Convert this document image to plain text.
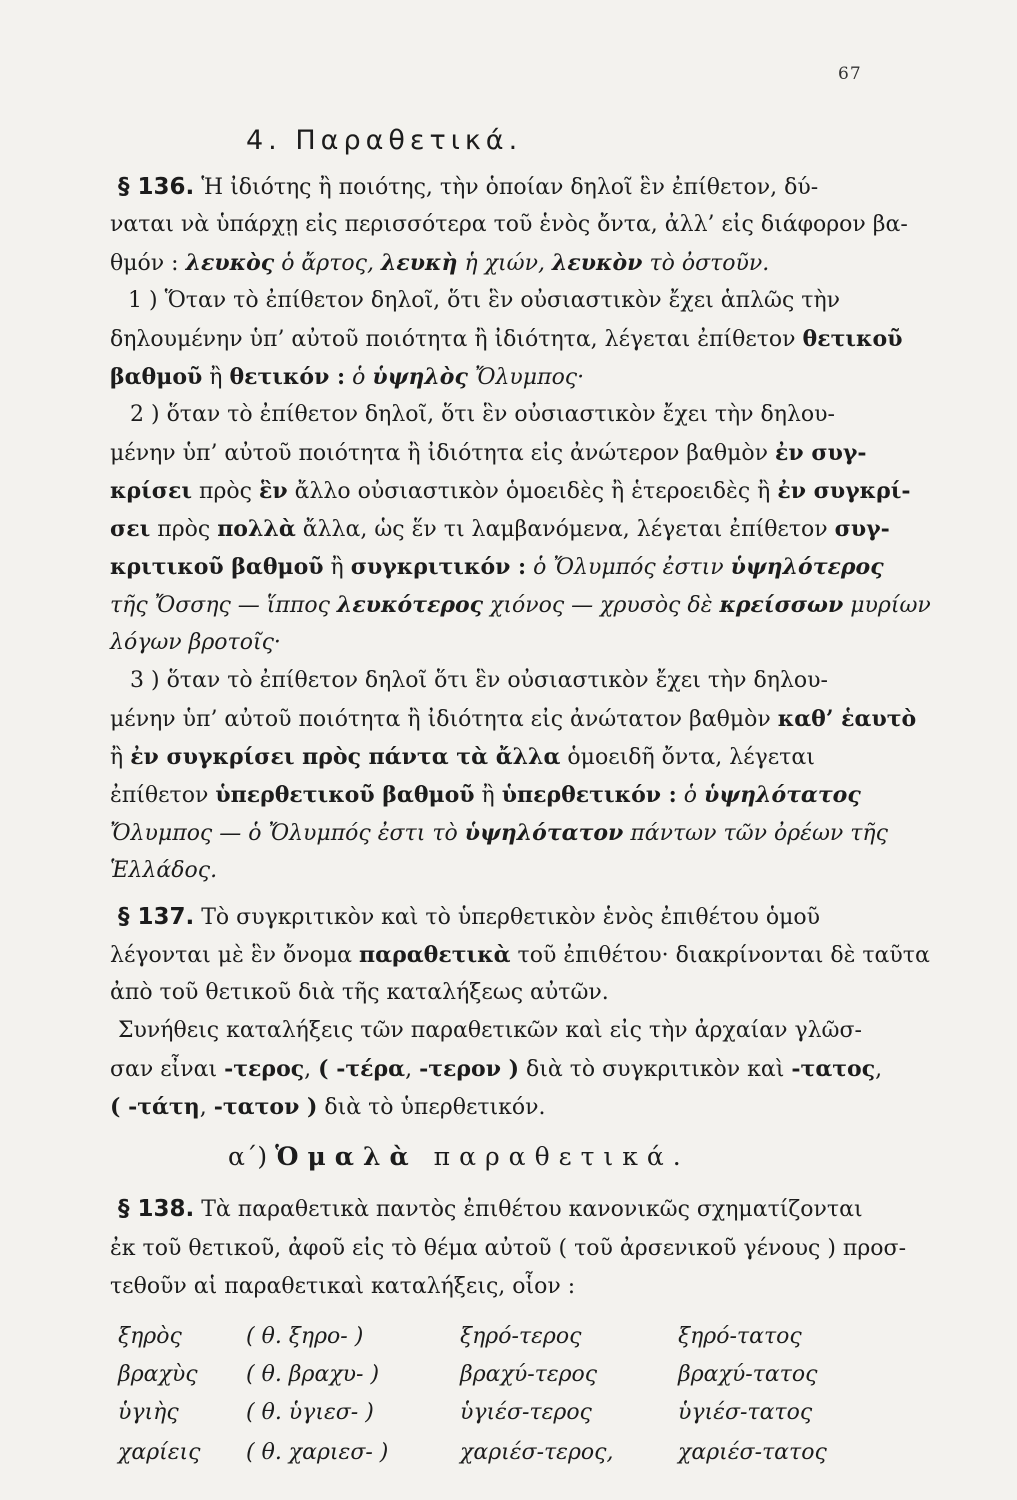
67
4. Παραθετικά.
§ 136. Ἡ ἰδιότης ἢ ποιότης, τὴν ὁποίαν δηλοῖ ἓν ἐπίθετον, δύ-
ναται νὰ ὑπάρχῃ εἰς περισσότερα τοῦ ἑνὸς ὄντα, ἀλλ’ εἰς διάφορον βα-
θμόν : λευκὸς ὁ ἄρτος, λευκὴ ἡ χιών, λευκὸν τὸ ὀστοῦν.
1 ) Ὅταν τὸ ἐπίθετον δηλοῖ, ὅτι ἓν οὐσιαστικὸν ἔχει ἁπλῶς τὴν
δηλουμένην ὑπ’ αὐτοῦ ποιότητα ἢ ἰδιότητα, λέγεται ἐπίθετον θετικοῦ
βαθμοῦ ἢ θετικόν : ὁ ὑψηλὸς Ὄλυμπος·
2 ) ὅταν τὸ ἐπίθετον δηλοῖ, ὅτι ἓν οὐσιαστικὸν ἔχει τὴν δηλου-
μένην ὑπ’ αὐτοῦ ποιότητα ἢ ἰδιότητα εἰς ἀνώτερον βαθμὸν ἐν συγ-
κρίσει πρὸς ἓν ἄλλο οὐσιαστικὸν ὁμοειδὲς ἢ ἑτεροειδὲς ἢ ἐν συγκρί-
σει πρὸς πολλὰ ἄλλα, ὡς ἕν τι λαμβανόμενα, λέγεται ἐπίθετον συγ-
κριτικοῦ βαθμοῦ ἢ συγκριτικόν : ὁ Ὄλυμπός ἐστιν ὑψηλότερος
τῆς Ὄσσης — ἵππος λευκότερος χιόνος — χρυσὸς δὲ κρείσσων μυρίων
λόγων βροτοῖς·
3 ) ὅταν τὸ ἐπίθετον δηλοῖ ὅτι ἓν οὐσιαστικὸν ἔχει τὴν δηλου-
μένην ὑπ’ αὐτοῦ ποιότητα ἢ ἰδιότητα εἰς ἀνώτατον βαθμὸν καθ’ ἑαυτὸ
ἢ ἐν συγκρίσει πρὸς πάντα τὰ ἄλλα ὁμοειδῆ ὄντα, λέγεται
ἐπίθετον ὑπερθετικοῦ βαθμοῦ ἢ ὑπερθετικόν : ὁ ὑψηλότατος
Ὄλυμπος — ὁ Ὄλυμπός ἐστι τὸ ὑψηλότατον πάντων τῶν ὀρέων τῆς
Ἑλλάδος.
§ 137. Τὸ συγκριτικὸν καὶ τὸ ὑπερθετικὸν ἑνὸς ἐπιθέτου ὁμοῦ
λέγονται μὲ ἓν ὄνομα παραθετικὰ τοῦ ἐπιθέτου· διακρίνονται δὲ ταῦτα
ἀπὸ τοῦ θετικοῦ διὰ τῆς καταλήξεως αὐτῶν.
Συνήθεις καταλήξεις τῶν παραθετικῶν καὶ εἰς τὴν ἀρχαίαν γλῶσ-
σαν εἶναι -τερος, ( -τέρα, -τερον ) διὰ τὸ συγκριτικὸν καὶ -τατος,
( -τάτη, -τατον ) διὰ τὸ ὑπερθετικόν.
α΄) Ὁμαλὰ παραθετικά.
§ 138. Τὰ παραθετικὰ παντὸς ἐπιθέτου κανονικῶς σχηματίζονται
ἐκ τοῦ θετικοῦ, ἀφοῦ εἰς τὸ θέμα αὐτοῦ ( τοῦ ἀρσενικοῦ γένους ) προσ-
τεθοῦν αἱ παραθετικαὶ καταλήξεις, οἷον :
ξηρὸς	( θ. ξηρο- )	ξηρό-τερος	ξηρό-τατος
βραχὺς ( θ. βραχυ- )	βραχύ-τερος	βραχύ-τατος
ὑγιὴς	( θ. ὑγιεσ- )	ὑγιέσ-τερος	ὑγιέσ-τατος
χαρίεις ( θ. χαριεσ- )	χαριέσ-τερος,	χαριέσ-τατος
